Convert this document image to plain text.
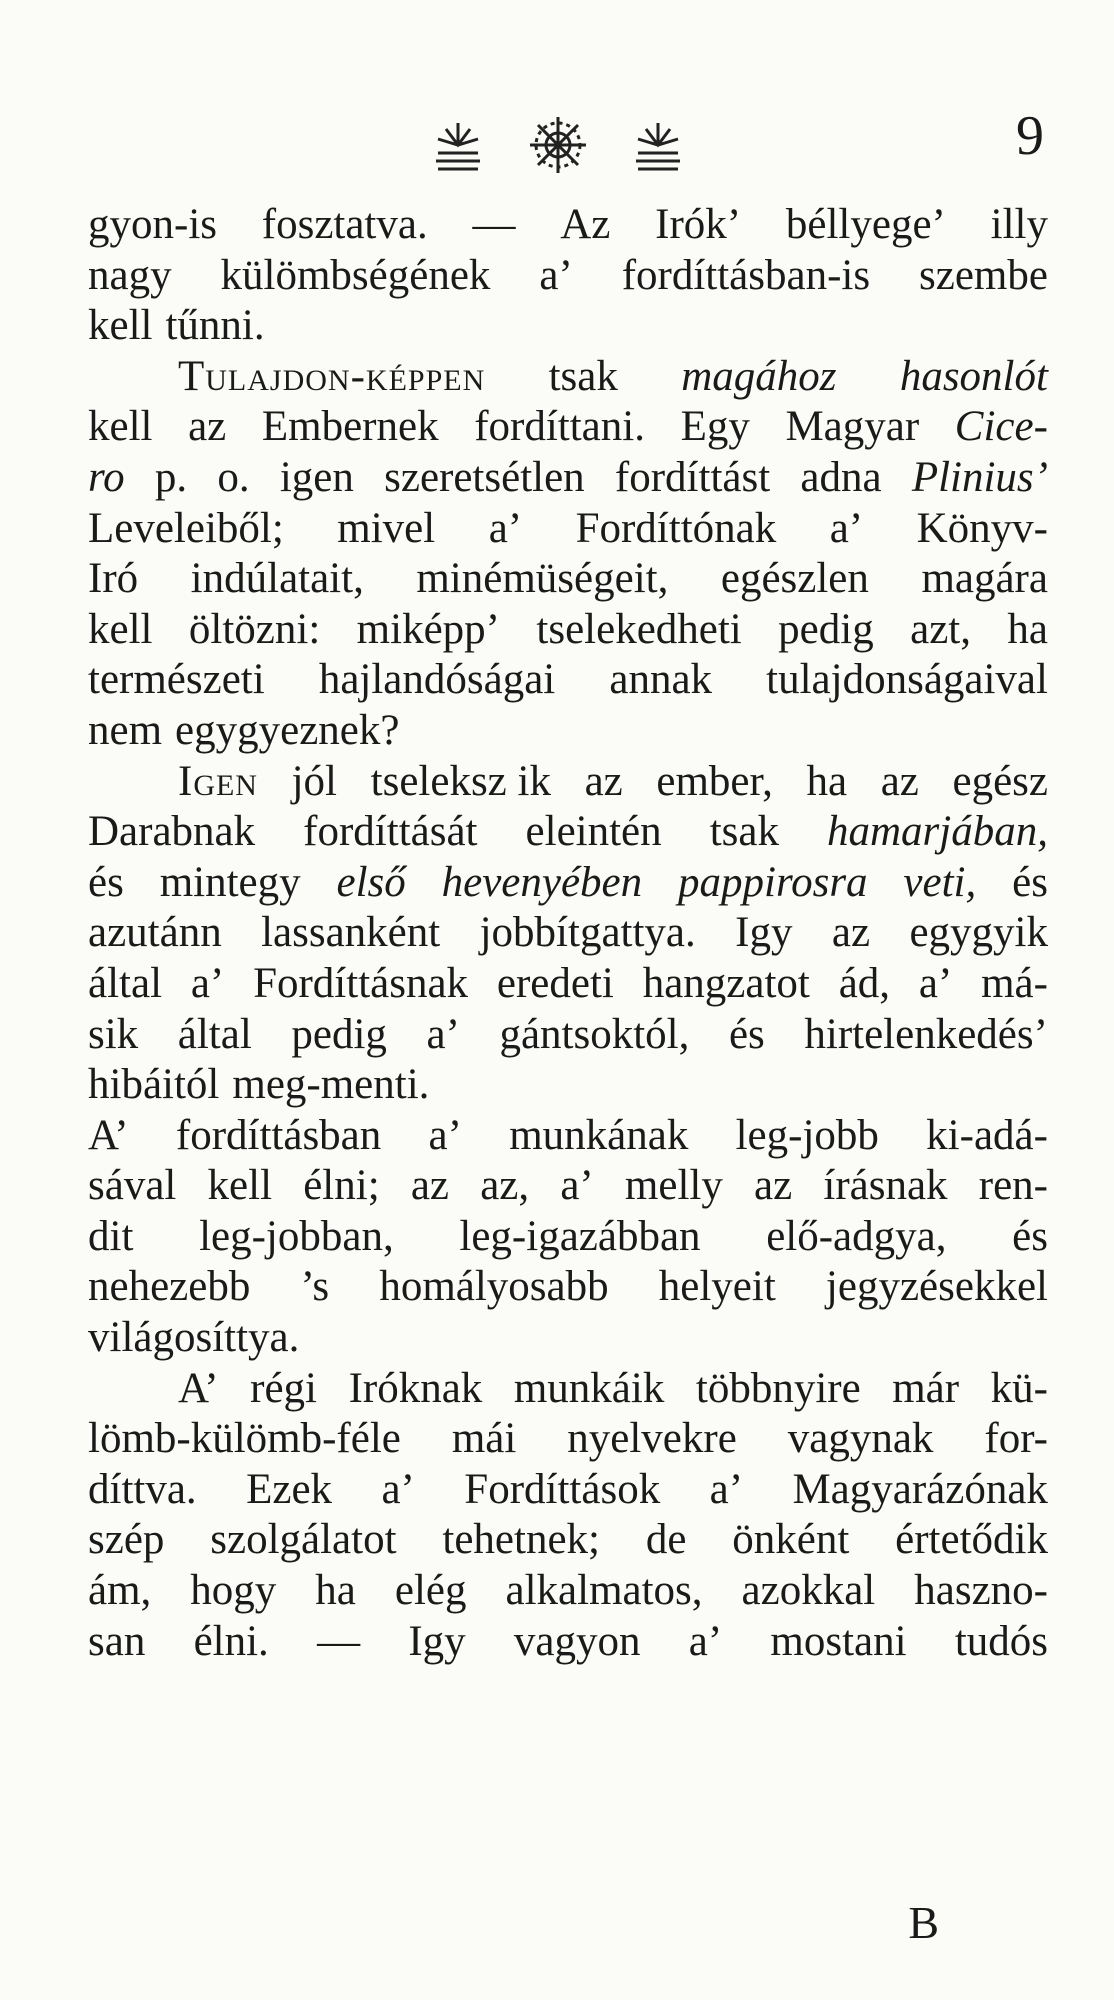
9
gyon-is fosztatva. — Az Irók’ béllyege’ illy
nagy külömbségének a’ fordíttásban-is szembe
kell tűnni.
Tulajdon-képpen tsak magához hasonlót
kell az Embernek fordíttani. Egy Magyar Cice-
ro p. o. igen szeretsétlen fordíttást adna Plinius’
Leveleiből; mivel a’ Fordíttónak a’ Könyv-
Iró indúlatait, minémüségeit, egészlen magára
kell öltözni: miképp’ tselekedheti pedig azt, ha
természeti hajlandóságai annak tulajdonságaival
nem egygyeznek?
Igen jól tseleksz ik az ember, ha az egész
Darabnak fordíttását eleintén tsak hamarjában,
és mintegy első hevenyében pappirosra veti, és
azutánn lassanként jobbítgattya. Igy az egygyik
által a’ Fordíttásnak eredeti hangzatot ád, a’ má-
sik által pedig a’ gántsoktól, és hirtelenkedés’
hibáitól meg-menti.
A’ fordíttásban a’ munkának leg-jobb ki-adá-
sával kell élni; az az, a’ melly az írásnak ren-
dit leg-jobban, leg-igazábban elő-adgya, és
nehezebb ’s homályosabb helyeit jegyzésekkel
világosíttya.
A’ régi Iróknak munkáik többnyire már kü-
lömb-külömb-féle mái nyelvekre vagynak for-
díttva. Ezek a’ Fordíttások a’ Magyarázónak
szép szolgálatot tehetnek; de önként értetődik
ám, hogy ha elég alkalmatos, azokkal haszno-
san élni. — Igy vagyon a’ mostani tudós
B
